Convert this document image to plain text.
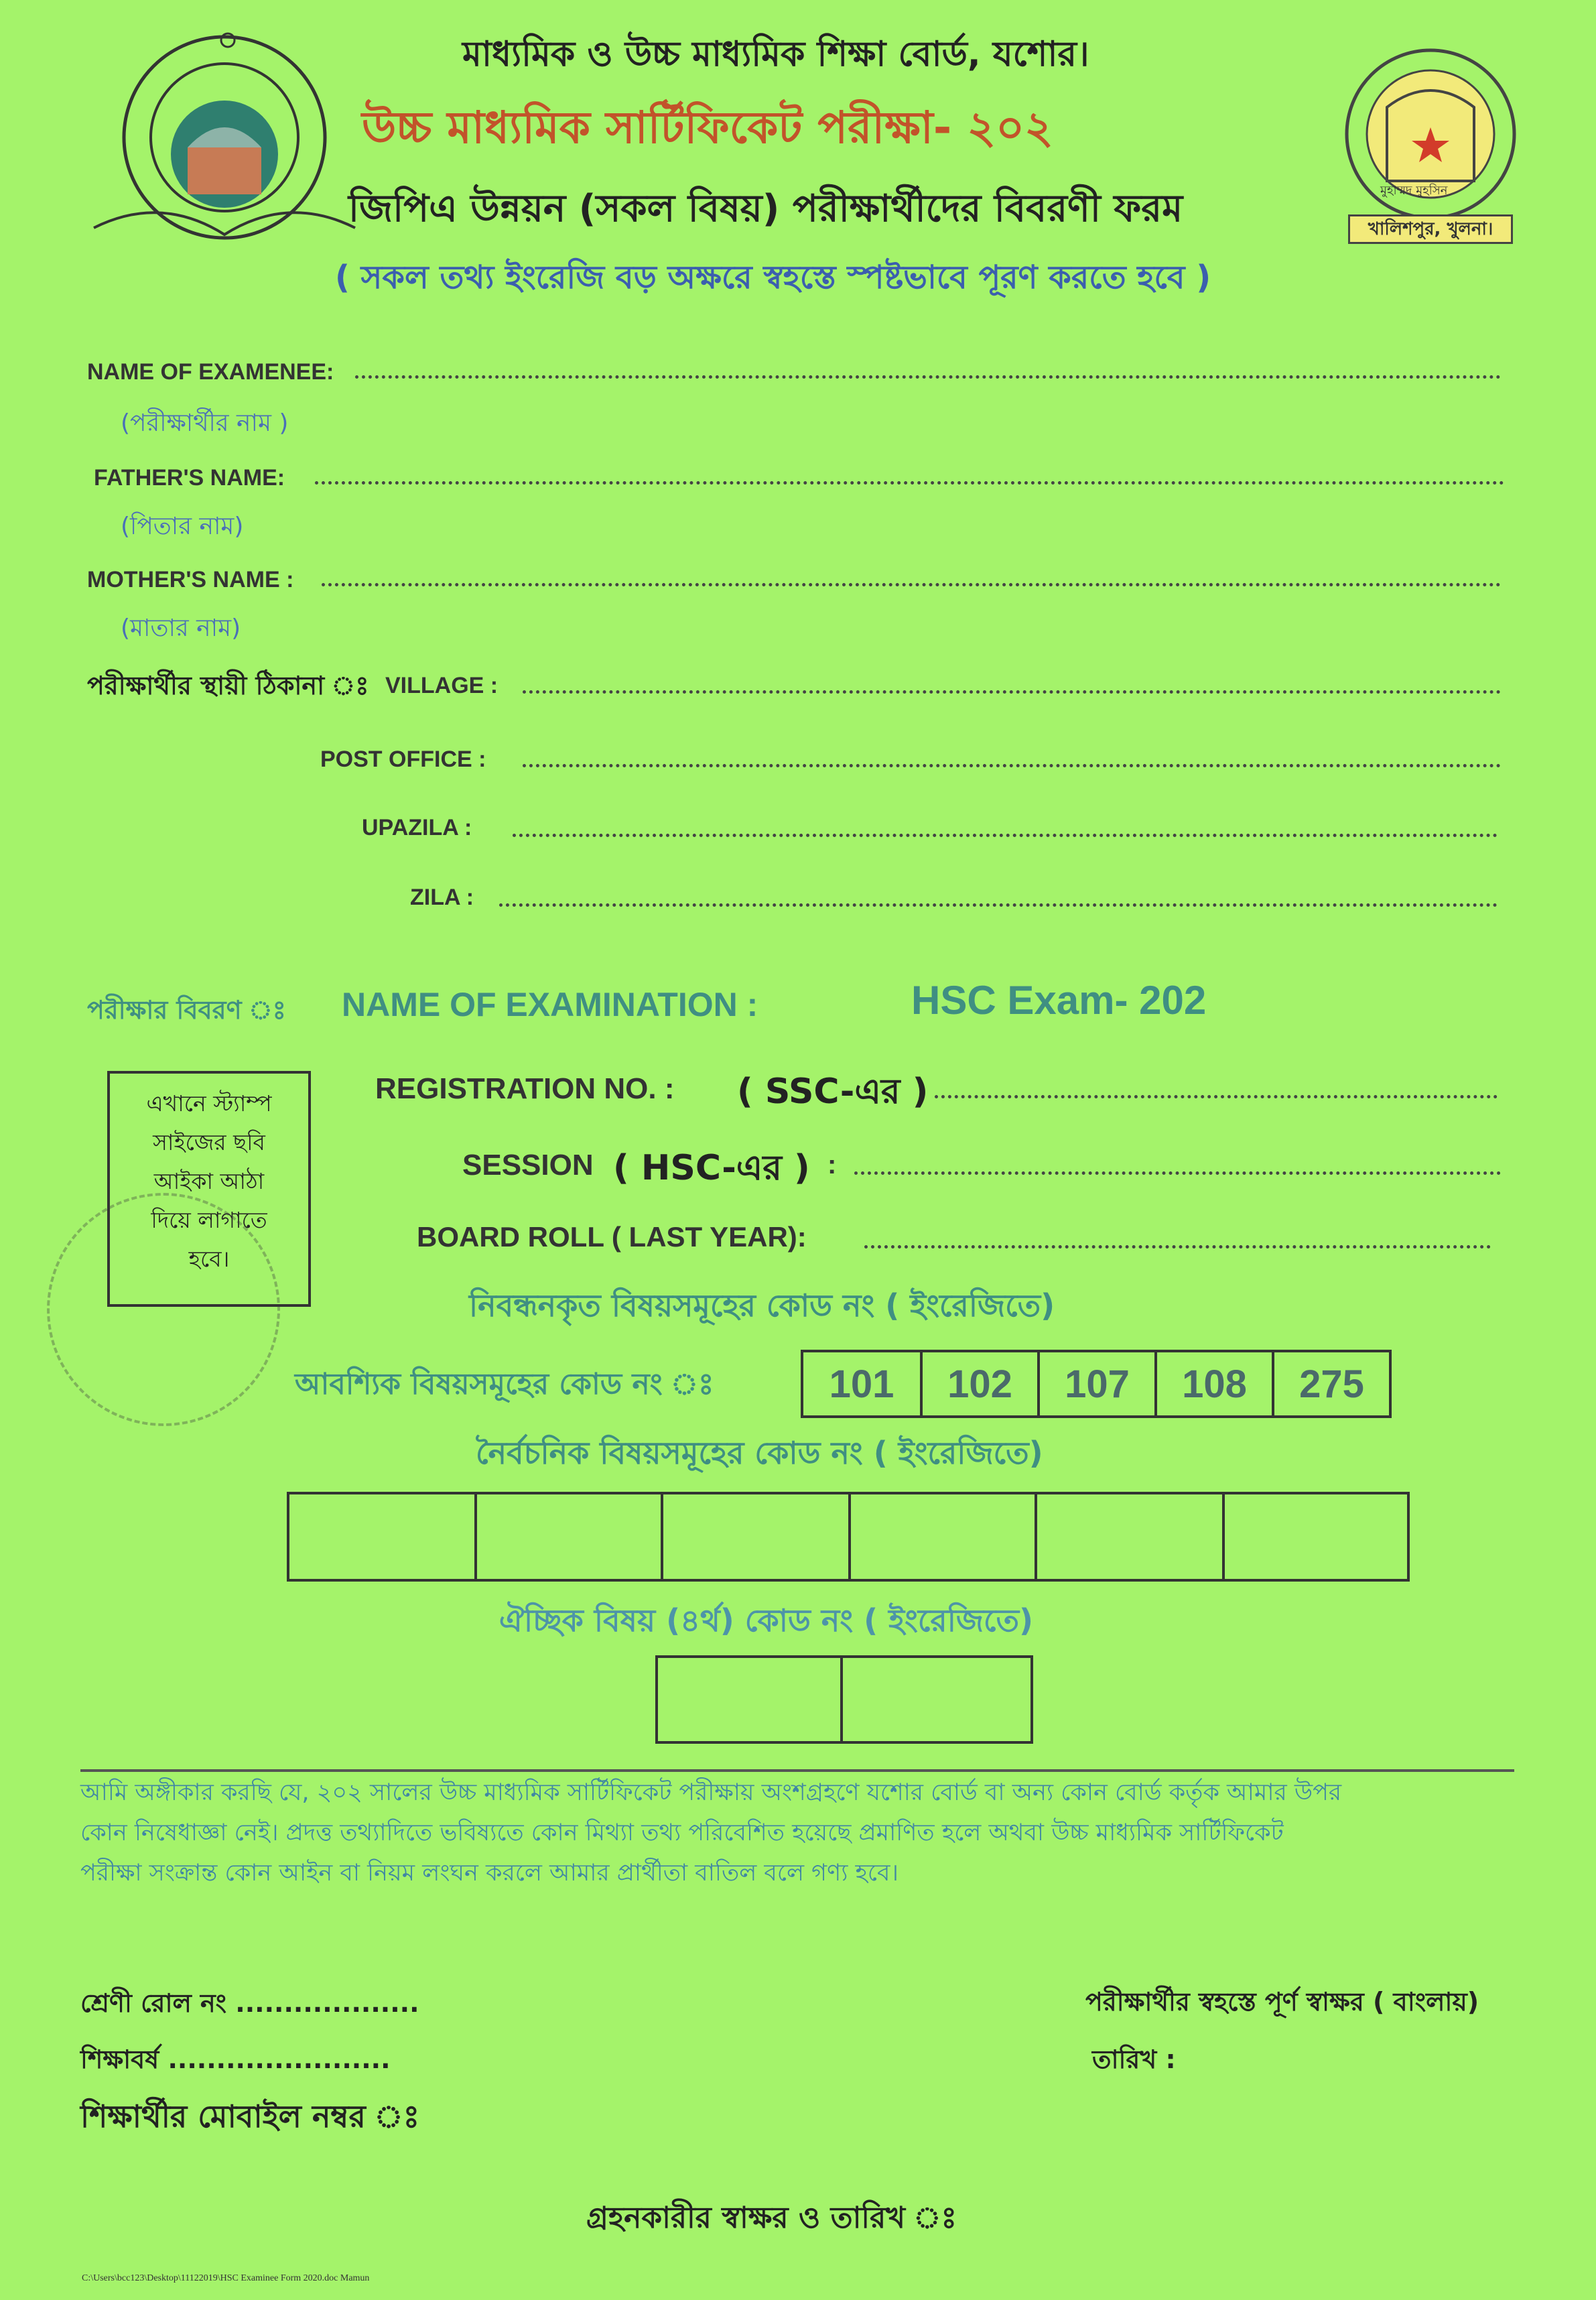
মুহাম্মদ মুহসিন
খালিশপুর, খুলনা।
মাধ্যমিক ও উচ্চ মাধ্যমিক শিক্ষা বোর্ড, যশোর।
উচ্চ মাধ্যমিক সার্টিফিকেট পরীক্ষা- ২০২
জিপিএ উন্নয়ন (সকল বিষয়) পরীক্ষার্থীদের বিবরণী ফরম
( সকল তথ্য ইংরেজি বড় অক্ষরে স্বহস্তে স্পষ্টভাবে পূরণ করতে হবে )
NAME OF EXAMENEE:
(পরীক্ষার্থীর নাম )
FATHER'S NAME:
(পিতার নাম)
MOTHER'S NAME :
(মাতার নাম)
পরীক্ষার্থীর স্থায়ী ঠিকানা ঃ VILLAGE :
POST OFFICE :
UPAZILA :
ZILA :
পরীক্ষার বিবরণ ঃ NAME OF EXAMINATION :	HSC Exam- 202
এখানে স্ট্যাম্প
সাইজের ছবি
আইকা আঠা
দিয়ে লাগাতে
হবে।
REGISTRATION NO. : ( SSC-এর )
SESSION ( HSC-এর ) :
BOARD ROLL ( LAST YEAR):
নিবন্ধনকৃত বিষয়সমূহের কোড নং ( ইংরেজিতে)
আবশ্যিক বিষয়সমূহের কোড নং ঃ	101	102	107	108	275
নৈর্বচনিক বিষয়সমূহের কোড নং ( ইংরেজিতে)
ঐচ্ছিক বিষয় (৪র্থ) কোড নং ( ইংরেজিতে)
আমি অঙ্গীকার করছি যে, ২০২ সালের উচ্চ মাধ্যমিক সার্টিফিকেট পরীক্ষায় অংশগ্রহণে যশোর বোর্ড বা অন্য কোন বোর্ড কর্তৃক আমার উপর
কোন নিষেধাজ্ঞা নেই। প্রদত্ত তথ্যাদিতে ভবিষ্যতে কোন মিথ্যা তথ্য পরিবেশিত হয়েছে প্রমাণিত হলে অথবা উচ্চ মাধ্যমিক সার্টিফিকেট
পরীক্ষা সংক্রান্ত কোন আইন বা নিয়ম লংঘন করলে আমার প্রার্থীতা বাতিল বলে গণ্য হবে।
শ্রেণী রোল নং ...................
শিক্ষাবর্ষ .......................
শিক্ষার্থীর মোবাইল নম্বর ঃ
পরীক্ষার্থীর স্বহস্তে পূর্ণ স্বাক্ষর ( বাংলায়)
তারিখ :
গ্রহনকারীর স্বাক্ষর ও তারিখ ঃ
C:\Users\bcc123\Desktop\11122019\HSC Examinee Form 2020.doc Mamun
